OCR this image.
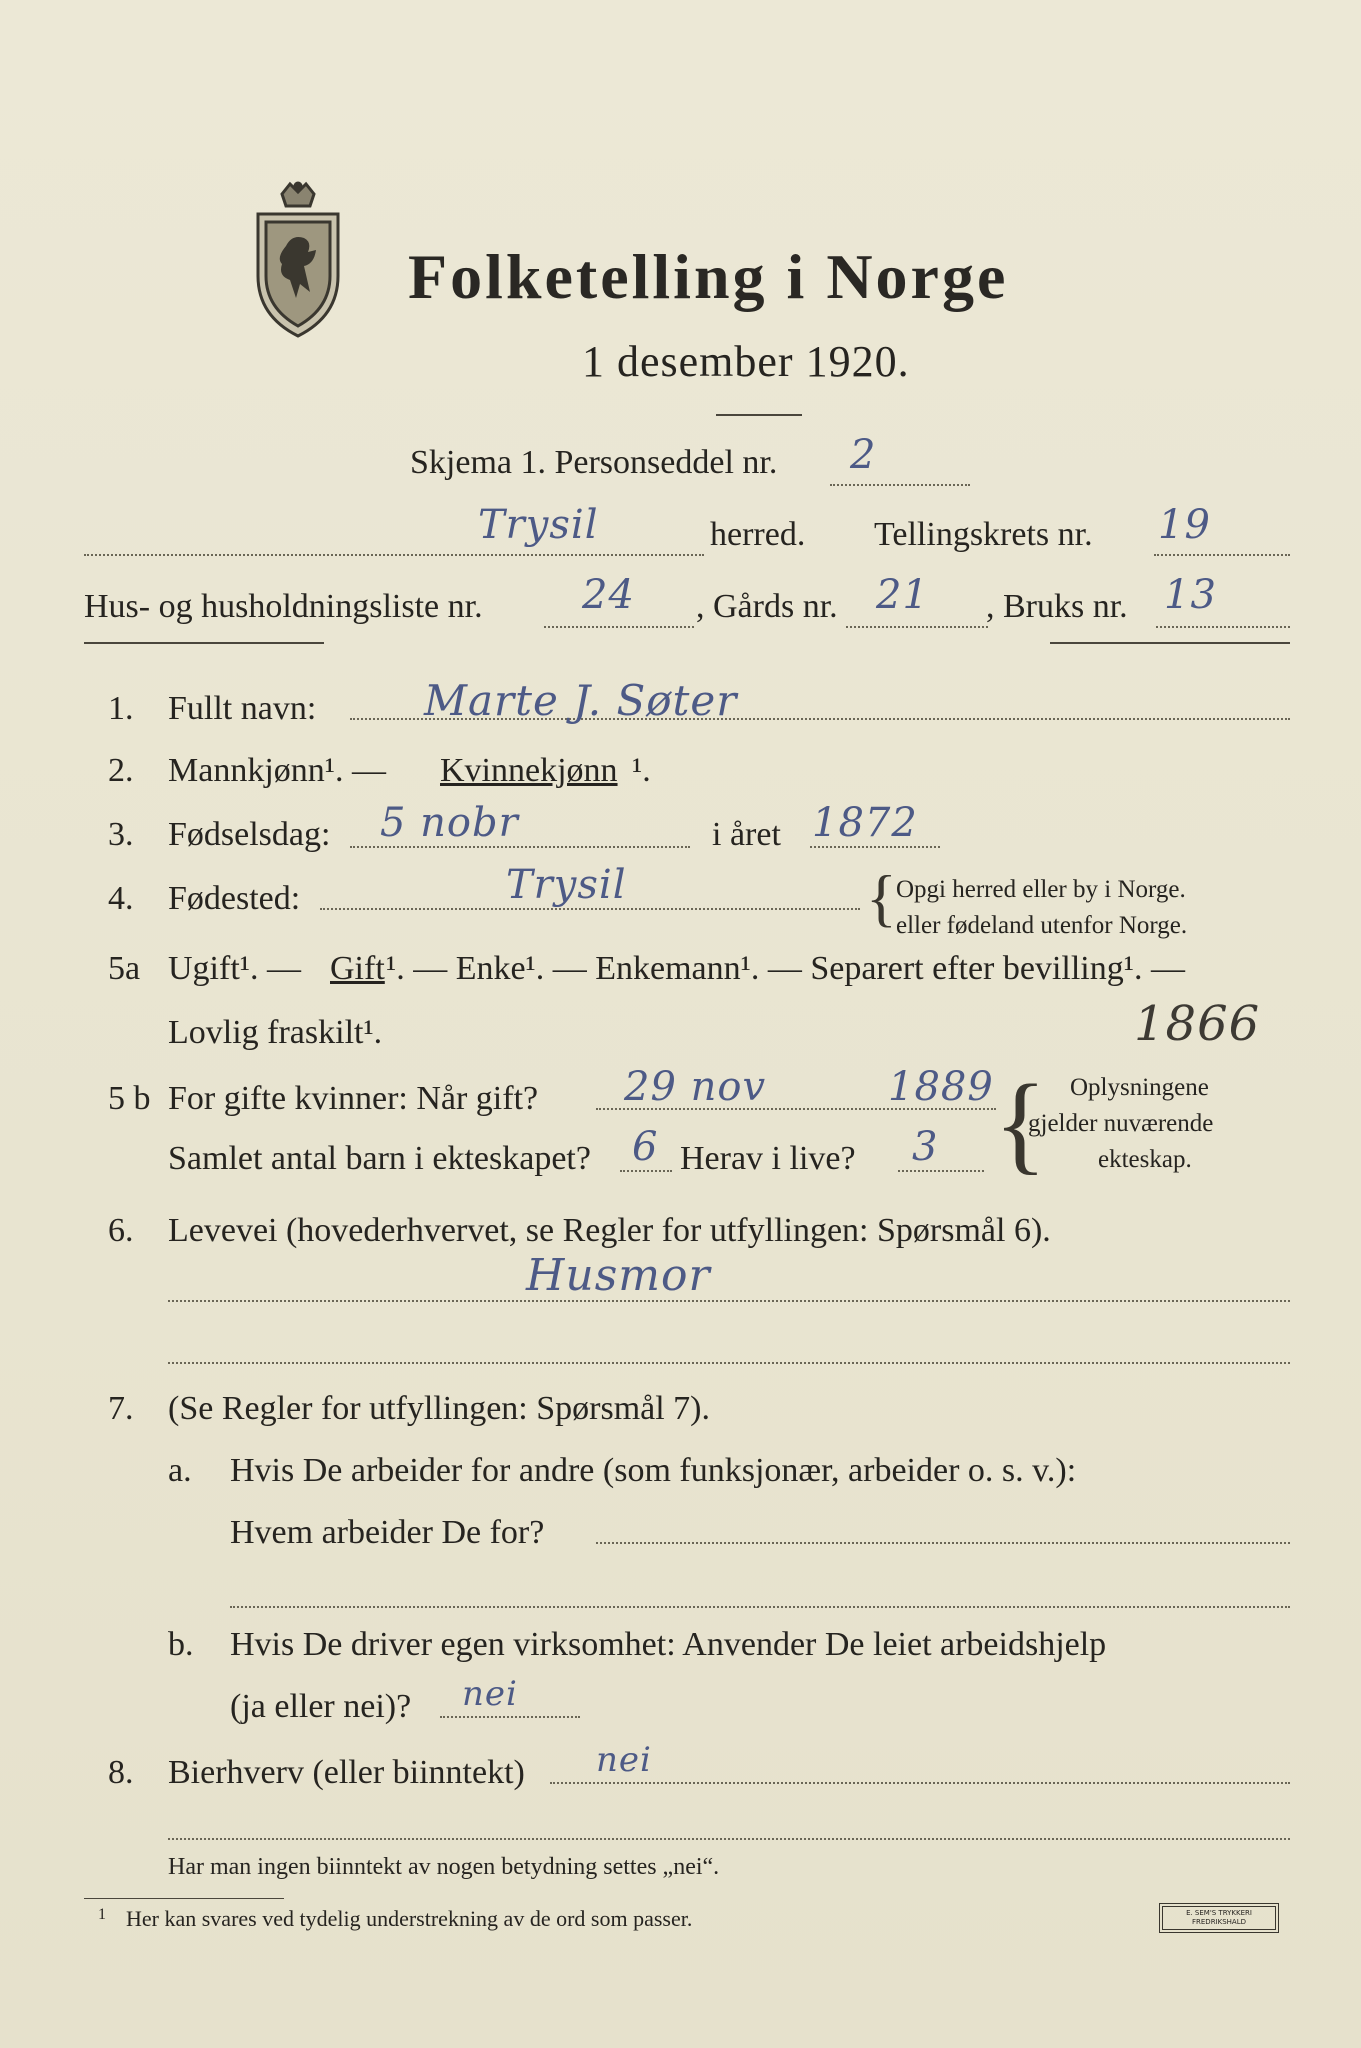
Folketelling i Norge
1 desember 1920.
Skjema 1. Personseddel nr. 2
Trysil	herred. Tellingskrets nr. 19
Hus- og husholdningsliste nr. 24 , Gårds nr. 21 , Bruks nr. 13
1. Fullt navn:	Marte J. Søter
2. Mannkjønn¹. — Kvinnekjønn ¹.
3. Fødselsdag: 5 nobr	i året 1872
4. Fødested:	Trysil	{ Opgi herred eller by i Norge.
eller fødeland utenfor Norge.
5a Ugift¹. — Gift ¹. — Enke¹. — Enkemann¹. — Separert efter bevilling¹. —
Lovlig fraskilt¹.	1866
5 b For gifte kvinner: Når gift? 29 nov	1889
Samlet antal barn i ekteskapet? 6 Herav i live? 3 { Oplysningene
gjelder nuværende
ekteskap.
6. Levevei (hovederhvervet, se Regler for utfyllingen: Spørsmål 6).
Husmor
7. (Se Regler for utfyllingen: Spørsmål 7).
a. Hvis De arbeider for andre (som funksjonær, arbeider o. s. v.):
Hvem arbeider De for?
b. Hvis De driver egen virksomhet: Anvender De leiet arbeidshjelp
(ja eller nei)? nei
8. Bierhverv (eller biinntekt) nei
Har man ingen biinntekt av nogen betydning settes „nei“.
1 Her kan svares ved tydelig understrekning av de ord som passer.	E. SEM'S TRYKKERI FREDRIKSHALD
